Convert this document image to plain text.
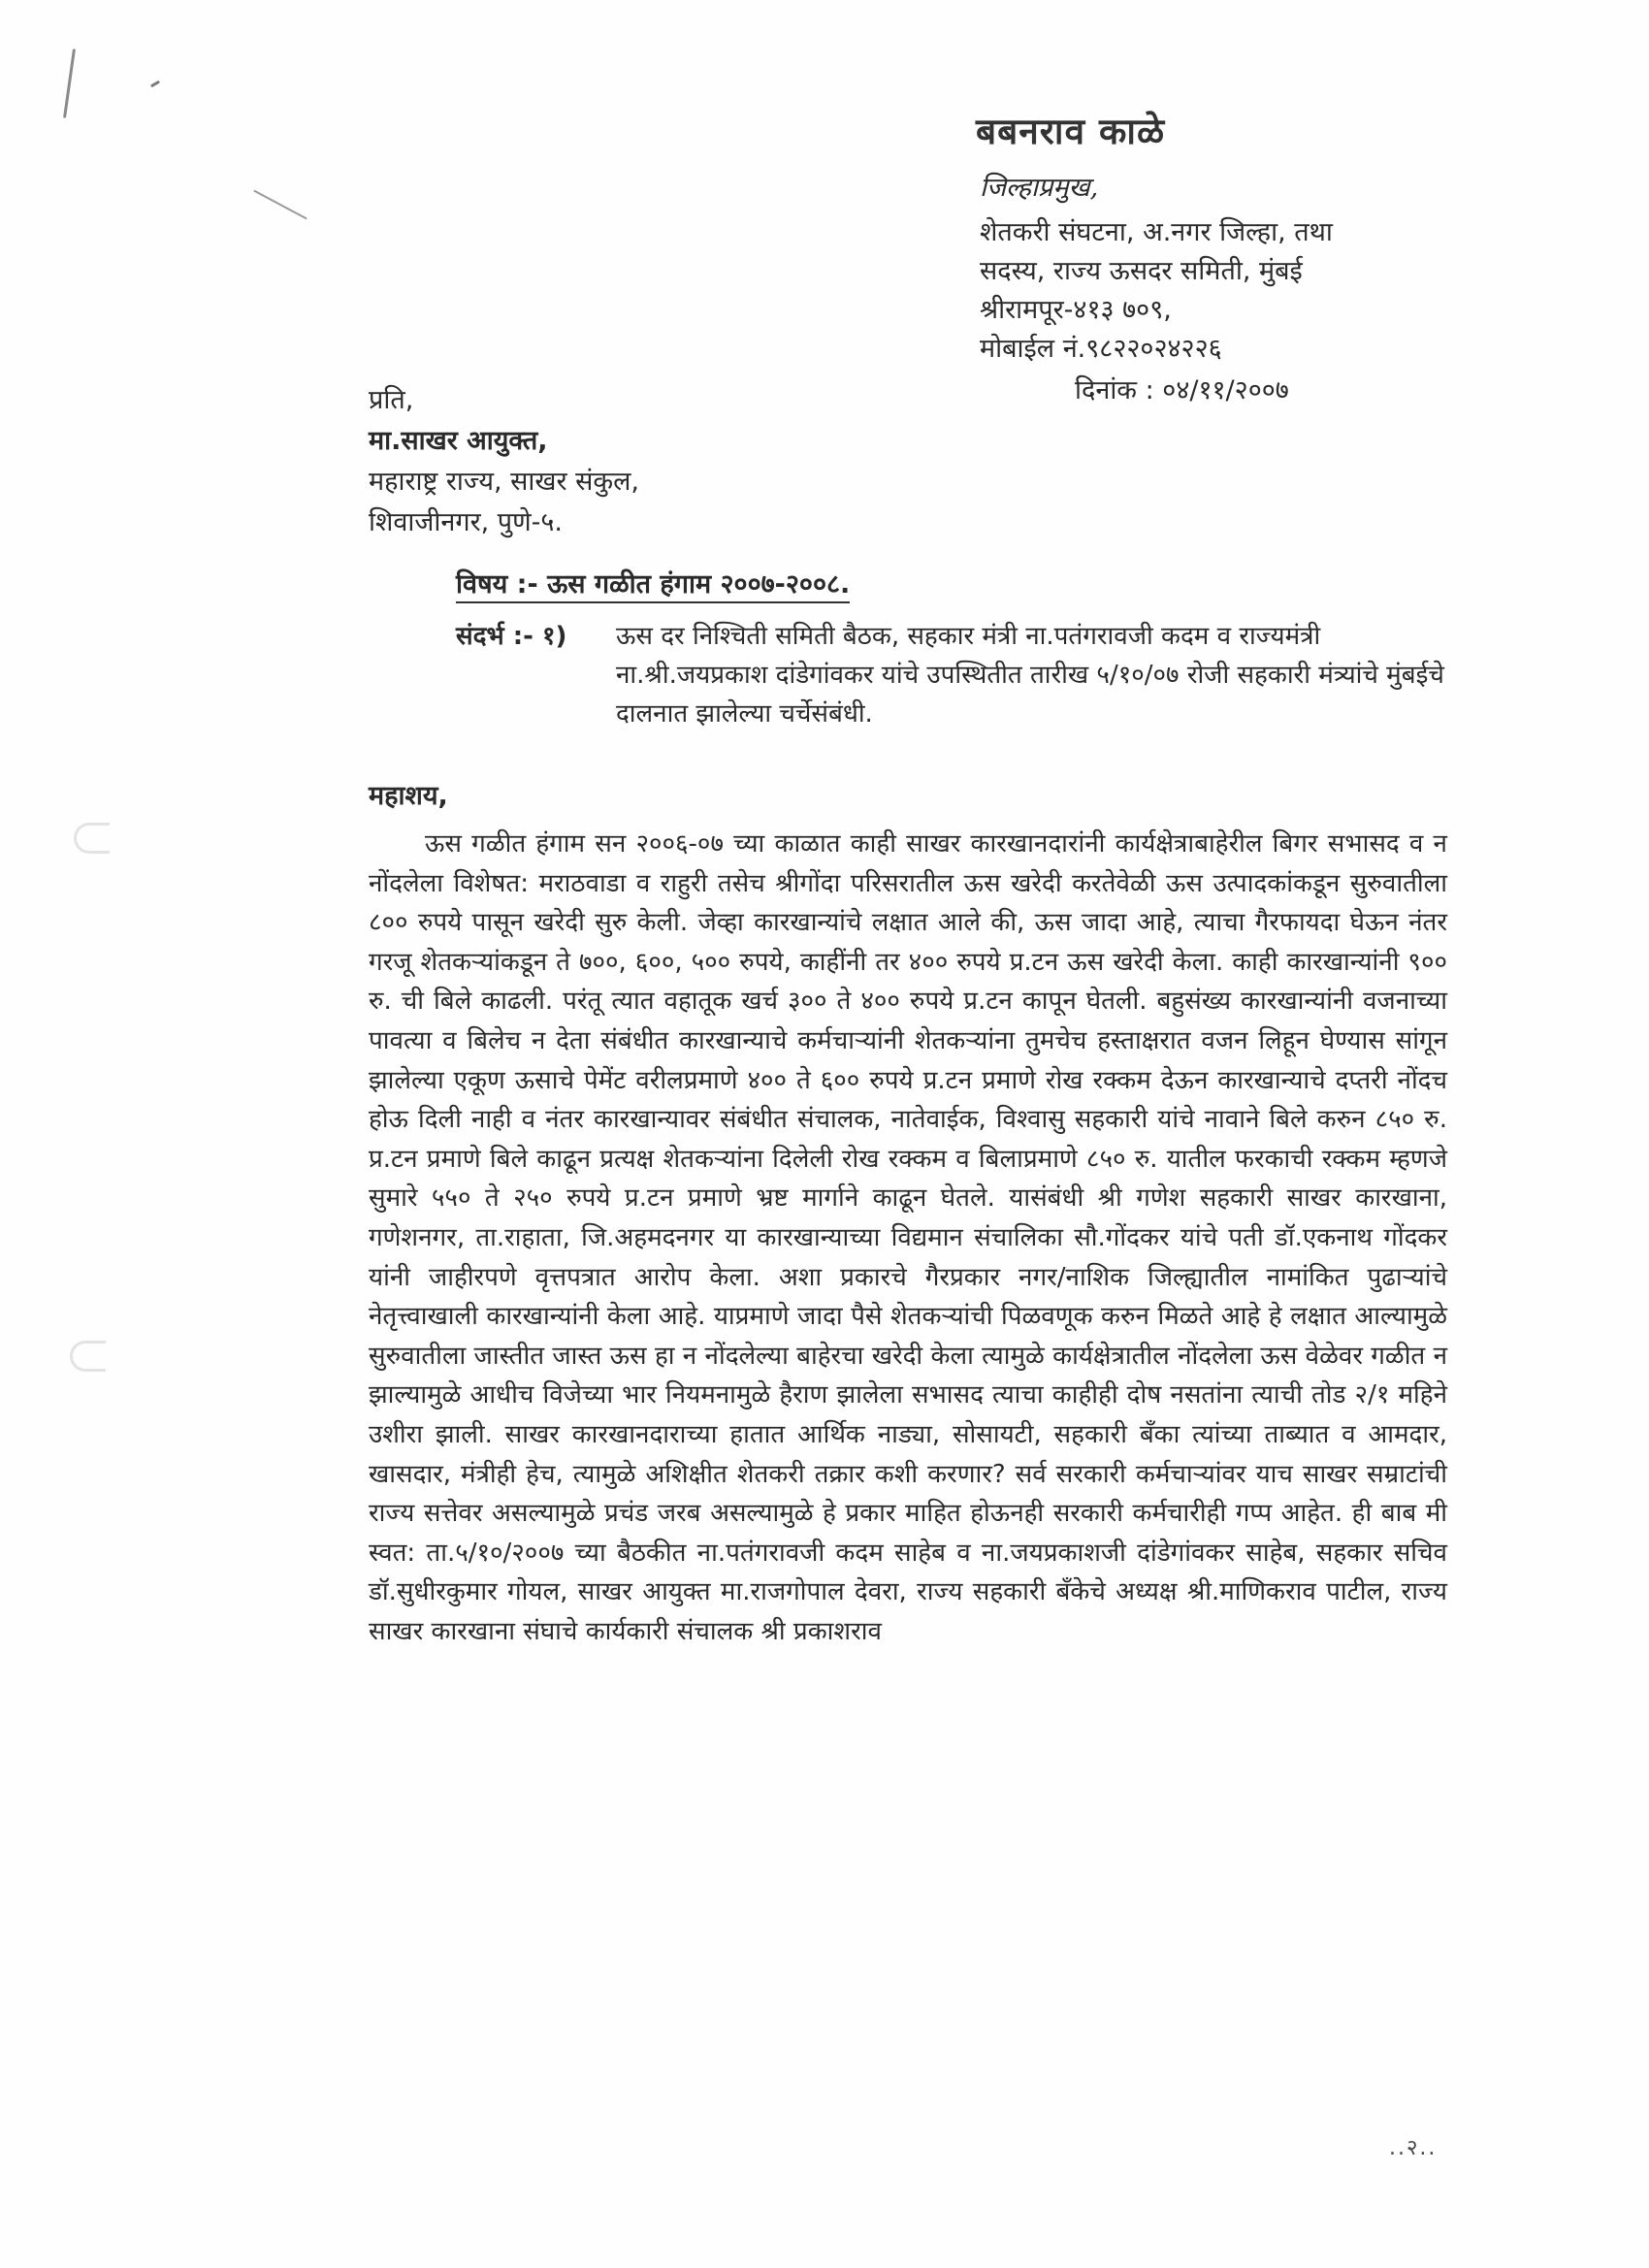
बबनराव काळे
जिल्हाप्रमुख,
शेतकरी संघटना, अ.नगर जिल्हा, तथा
सदस्य, राज्य ऊसदर समिती, मुंबई
श्रीरामपूर-४१३ ७०९,
मोबाईल नं.९८२२०२४२२६
दिनांक : ०४/११/२००७
प्रति,
मा.साखर आयुक्त,
महाराष्ट्र राज्य, साखर संकुल,
शिवाजीनगर, पुणे-५.
विषय :- ऊस गळीत हंगाम २००७-२००८.
संदर्भ :- १) ऊस दर निश्चिती समिती बैठक, सहकार मंत्री ना.पतंगरावजी कदम व राज्यमंत्री ना.श्री.जयप्रकाश दांडेगांवकर यांचे उपस्थितीत तारीख ५/१०/०७ रोजी सहकारी मंत्र्यांचे मुंबईचे दालनात झालेल्या चर्चेसंबंधी.
महाशय,
ऊस गळीत हंगाम सन २००६-०७ च्या काळात काही साखर कारखानदारांनी कार्यक्षेत्राबाहेरील बिगर सभासद व न नोंदलेला विशेषत: मराठवाडा व राहुरी तसेच श्रीगोंदा परिसरातील ऊस खरेदी करतेवेळी ऊस उत्पादकांकडून सुरुवातीला ८०० रुपये पासून खरेदी सुरु केली. जेव्हा कारखान्यांचे लक्षात आले की, ऊस जादा आहे, त्याचा गैरफायदा घेऊन नंतर गरजू शेतकऱ्यांकडून ते ७००, ६००, ५०० रुपये, काहींनी तर ४०० रुपये प्र.टन ऊस खरेदी केला. काही कारखान्यांनी ९०० रु. ची बिले काढली. परंतू त्यात वहातूक खर्च ३०० ते ४०० रुपये प्र.टन कापून घेतली. बहुसंख्य कारखान्यांनी वजनाच्या पावत्या व बिलेच न देता संबंधीत कारखान्याचे कर्मचाऱ्यांनी शेतकऱ्यांना तुमचेच हस्ताक्षरात वजन लिहून घेण्यास सांगून झालेल्या एकूण ऊसाचे पेमेंट वरीलप्रमाणे ४०० ते ६०० रुपये प्र.टन प्रमाणे रोख रक्कम देऊन कारखान्याचे दप्तरी नोंदच होऊ दिली नाही व नंतर कारखान्यावर संबंधीत संचालक, नातेवाईक, विश्वासु सहकारी यांचे नावाने बिले करुन ८५० रु. प्र.टन प्रमाणे बिले काढून प्रत्यक्ष शेतकऱ्यांना दिलेली रोख रक्कम व बिलाप्रमाणे ८५० रु. यातील फरकाची रक्कम म्हणजे सुमारे ५५० ते २५० रुपये प्र.टन प्रमाणे भ्रष्ट मार्गाने काढून घेतले. यासंबंधी श्री गणेश सहकारी साखर कारखाना, गणेशनगर, ता.राहाता, जि.अहमदनगर या कारखान्याच्या विद्यमान संचालिका सौ.गोंदकर यांचे पती डॉ.एकनाथ गोंदकर यांनी जाहीरपणे वृत्तपत्रात आरोप केला. अशा प्रकारचे गैरप्रकार नगर/नाशिक जिल्ह्यातील नामांकित पुढाऱ्यांचे नेतृत्त्वाखाली कारखान्यांनी केला आहे. याप्रमाणे जादा पैसे शेतकऱ्यांची पिळवणूक करुन मिळते आहे हे लक्षात आल्यामुळे सुरुवातीला जास्तीत जास्त ऊस हा न नोंदलेल्या बाहेरचा खरेदी केला त्यामुळे कार्यक्षेत्रातील नोंदलेला ऊस वेळेवर गळीत न झाल्यामुळे आधीच विजेच्या भार नियमनामुळे हैराण झालेला सभासद त्याचा काहीही दोष नसतांना त्याची तोड २/१ महिने उशीरा झाली. साखर कारखानदाराच्या हातात आर्थिक नाड्या, सोसायटी, सहकारी बँका त्यांच्या ताब्यात व आमदार, खासदार, मंत्रीही हेच, त्यामुळे अशिक्षीत शेतकरी तक्रार कशी करणार? सर्व सरकारी कर्मचाऱ्यांवर याच साखर सम्राटांची राज्य सत्तेवर असल्यामुळे प्रचंड जरब असल्यामुळे हे प्रकार माहित होऊनही सरकारी कर्मचारीही गप्प आहेत. ही बाब मी स्वत: ता.५/१०/२००७ च्या बैठकीत ना.पतंगरावजी कदम साहेब व ना.जयप्रकाशजी दांडेगांवकर साहेब, सहकार सचिव डॉ.सुधीरकुमार गोयल, साखर आयुक्त मा.राजगोपाल देवरा, राज्य सहकारी बँकेचे अध्यक्ष श्री.माणिकराव पाटील, राज्य साखर कारखाना संघाचे कार्यकारी संचालक श्री प्रकाशराव
..२..
